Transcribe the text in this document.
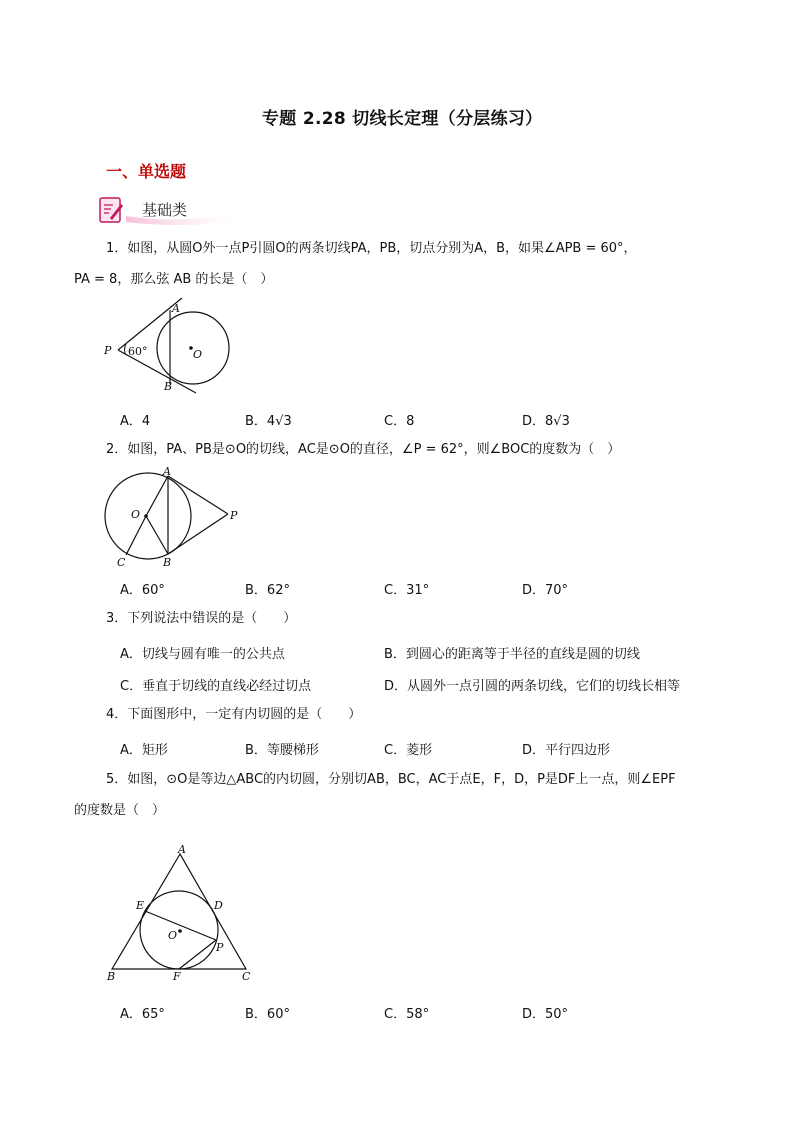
专题 2.28 切线长定理（分层练习）
一、单选题
基础类
1．如图，从圆O外一点P引圆O的两条切线PA，PB，切点分别为A，B，如果∠APB = 60°，
PA = 8，那么弦 AB 的长是（　）
A
B
P	O
60°
A．4	B．4√3	C．8	D．8√3
2．如图，PA、PB是⊙O的切线，AC是⊙O的直径，∠P = 62°，则∠BOC的度数为（　）
A
B
C
O	P
A．60°	B．62°	C．31°	D．70°
3．下列说法中错误的是（　　）
A．切线与圆有唯一的公共点	B．到圆心的距离等于半径的直线是圆的切线
C．垂直于切线的直线必经过切点	D．从圆外一点引圆的两条切线，它们的切线长相等
4．下面图形中，一定有内切圆的是（　　）
A．矩形	B．等腰梯形	C．菱形	D．平行四边形
5．如图，⊙O是等边△ABC的内切圆，分别切AB，BC，AC于点E，F，D，P是DF上一点，则∠EPF
的度数是（　）
A
B	C
D
E
F
O
P
A．65°	B．60°	C．58°	D．50°
